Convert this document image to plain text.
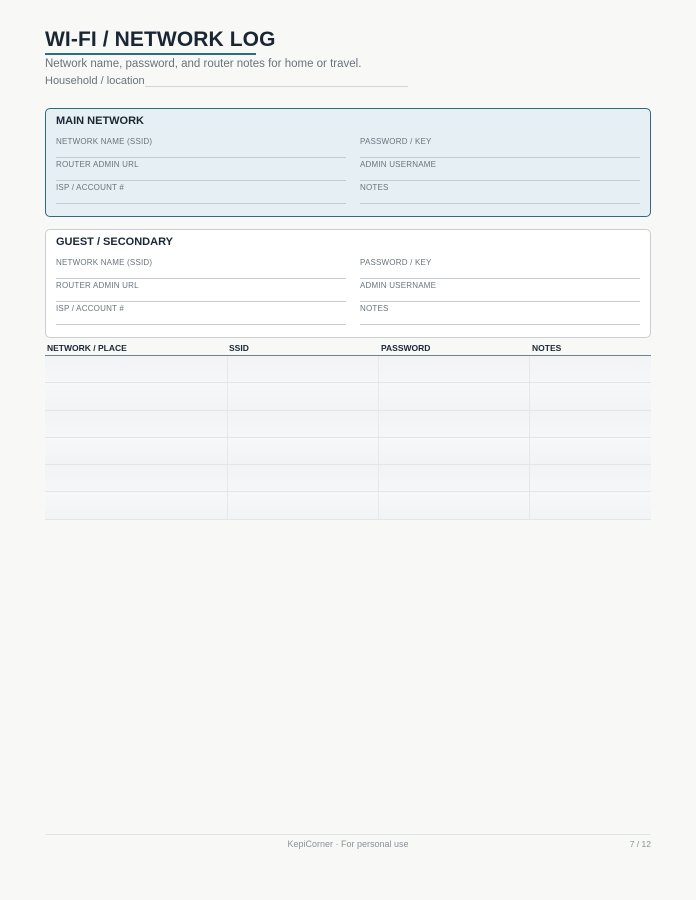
WI-FI / NETWORK LOG
Network name, password, and router notes for home or travel.
Household / location
MAIN NETWORK
NETWORK NAME (SSID)	PASSWORD / KEY
ROUTER ADMIN URL	ADMIN USERNAME
ISP / ACCOUNT #	NOTES
GUEST / SECONDARY
NETWORK NAME (SSID)	PASSWORD / KEY
ROUTER ADMIN URL	ADMIN USERNAME
ISP / ACCOUNT #	NOTES
NETWORK / PLACE	SSID	PASSWORD	NOTES
KepiCorner · For personal use	7 / 12
